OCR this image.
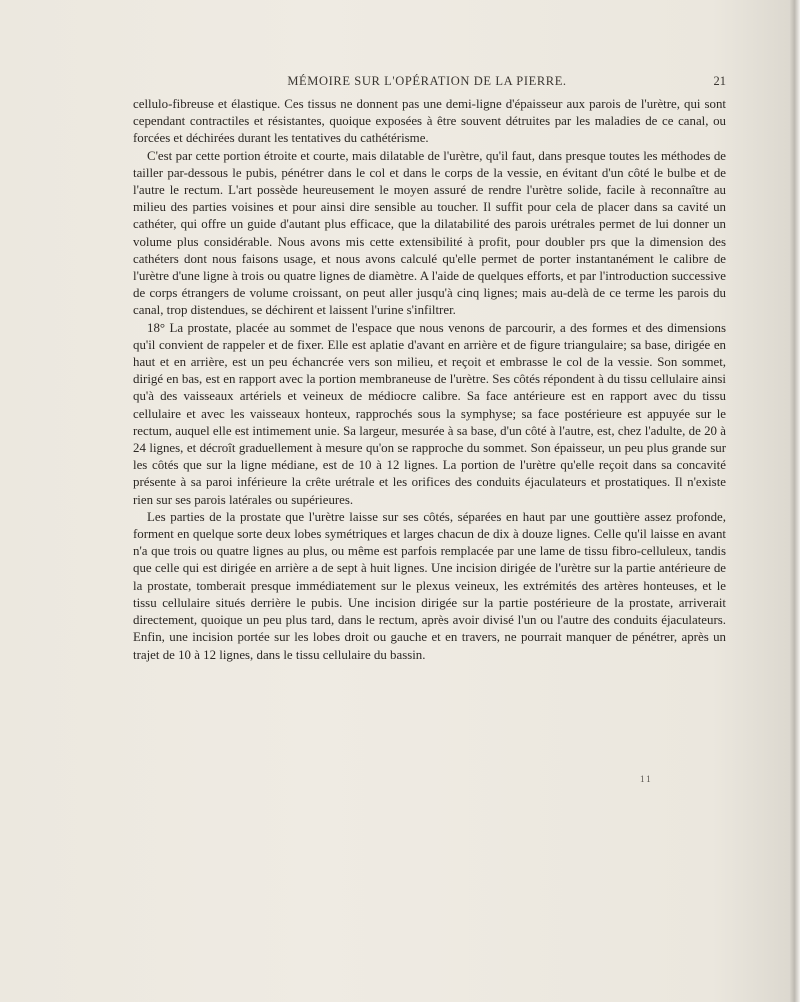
MÉMOIRE SUR L'OPÉRATION DE LA PIERRE.	21

cellulo-fibreuse et élastique. Ces tissus ne donnent pas une demi-ligne d'épaisseur aux parois de l'urètre, qui sont cependant contractiles et résistantes, quoique exposées à être souvent détruites par les maladies de ce canal, ou forcées et déchirées durant les tentatives du cathétérisme.

C'est par cette portion étroite et courte, mais dilatable de l'urètre, qu'il faut, dans presque toutes les méthodes de tailler par-dessous le pubis, pénétrer dans le col et dans le corps de la vessie, en évitant d'un côté le bulbe et de l'autre le rectum. L'art possède heureusement le moyen assuré de rendre l'urètre solide, facile à reconnaître au milieu des parties voisines et pour ainsi dire sensible au toucher. Il suffit pour cela de placer dans sa cavité un cathéter, qui offre un guide d'autant plus efficace, que la dilatabilité des parois urétrales permet de lui donner un volume plus considérable. Nous avons mis cette extensibilité à profit, pour doubler prs que la dimension des cathéters dont nous faisons usage, et nous avons calculé qu'elle permet de porter instantanément le calibre de l'urètre d'une ligne à trois ou quatre lignes de diamètre. A l'aide de quelques efforts, et par l'introduction successive de corps étrangers de volume croissant, on peut aller jusqu'à cinq lignes; mais au-delà de ce terme les parois du canal, trop distendues, se déchirent et laissent l'urine s'infiltrer.

18° La prostate, placée au sommet de l'espace que nous venons de parcourir, a des formes et des dimensions qu'il convient de rappeler et de fixer. Elle est aplatie d'avant en arrière et de figure triangulaire; sa base, dirigée en haut et en arrière, est un peu échancrée vers son milieu, et reçoit et embrasse le col de la vessie. Son sommet, dirigé en bas, est en rapport avec la portion membraneuse de l'urètre. Ses côtés répondent à du tissu cellulaire ainsi qu'à des vaisseaux artériels et veineux de médiocre calibre. Sa face antérieure est en rapport avec du tissu cellulaire et avec les vaisseaux honteux, rapprochés sous la symphyse; sa face postérieure est appuyée sur le rectum, auquel elle est intimement unie. Sa largeur, mesurée à sa base, d'un côté à l'autre, est, chez l'adulte, de 20 à 24 lignes, et décroît graduellement à mesure qu'on se rapproche du sommet. Son épaisseur, un peu plus grande sur les côtés que sur la ligne médiane, est de 10 à 12 lignes. La portion de l'urètre qu'elle reçoit dans sa concavité présente à sa paroi inférieure la crête urétrale et les orifices des conduits éjaculateurs et prostatiques. Il n'existe rien sur ses parois latérales ou supérieures.

Les parties de la prostate que l'urètre laisse sur ses côtés, séparées en haut par une gouttière assez profonde, forment en quelque sorte deux lobes symétriques et larges chacun de dix à douze lignes. Celle qu'il laisse en avant n'a que trois ou quatre lignes au plus, ou même est parfois remplacée par une lame de tissu fibro-celluleux, tandis que celle qui est dirigée en arrière a de sept à huit lignes. Une incision dirigée de l'urètre sur la partie antérieure de la prostate, tomberait presque immédiatement sur le plexus veineux, les extrémités des artères honteuses, et le tissu cellulaire situés derrière le pubis. Une incision dirigée sur la partie postérieure de la prostate, arriverait directement, quoique un peu plus tard, dans le rectum, après avoir divisé l'un ou l'autre des conduits éjaculateurs. Enfin, une incision portée sur les lobes droit ou gauche et en travers, ne pourrait manquer de pénétrer, après un trajet de 10 à 12 lignes, dans le tissu cellulaire du bassin.

11
